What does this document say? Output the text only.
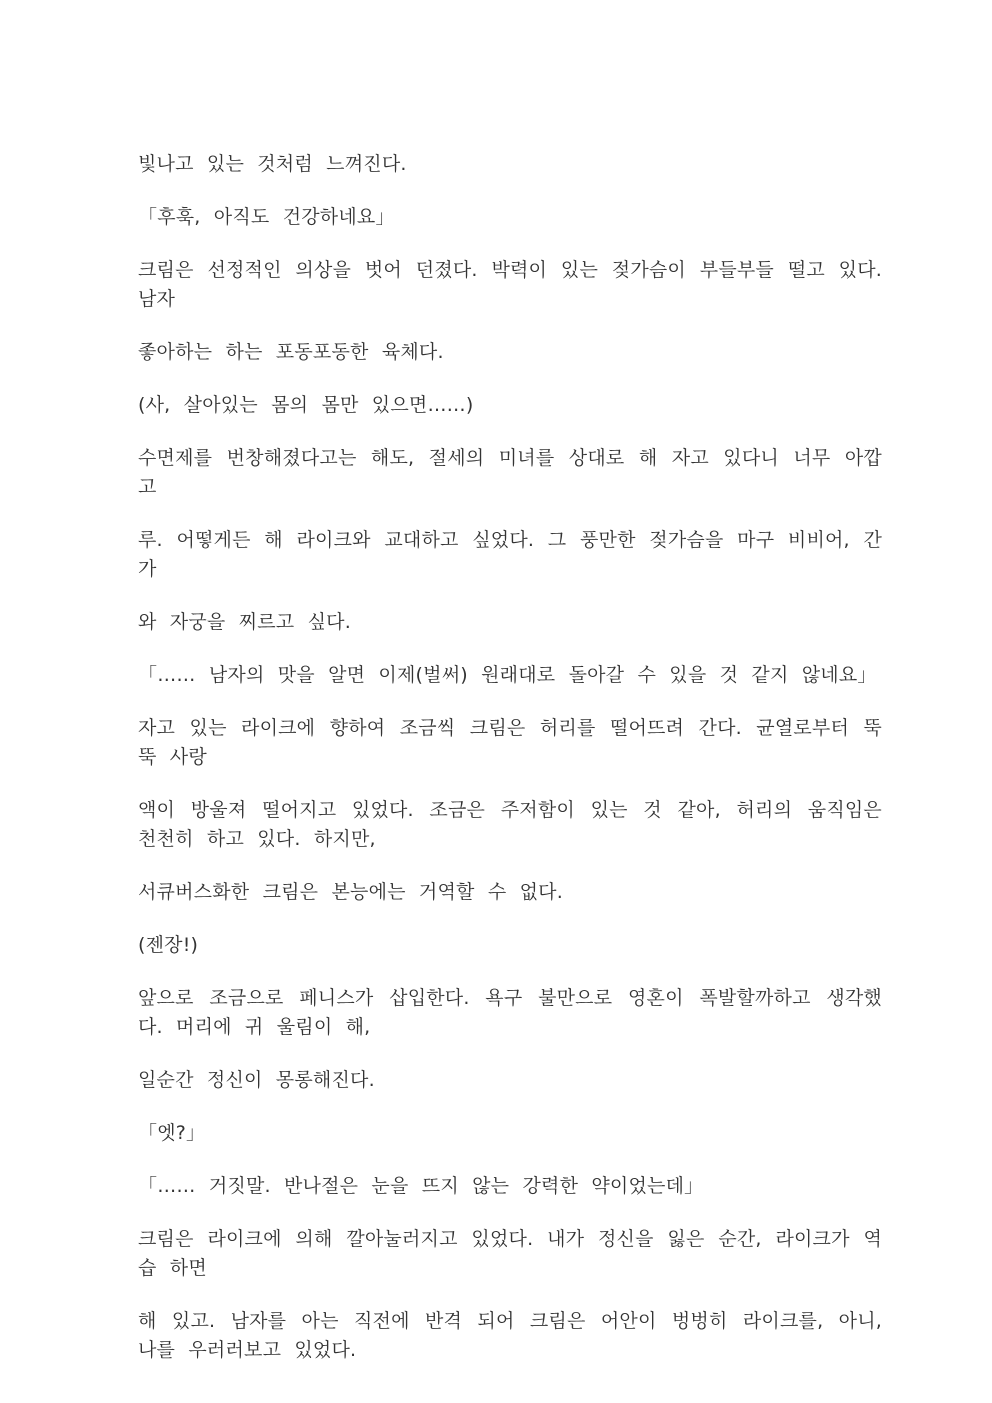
빛나고 있는 것처럼 느껴진다.

「후훅, 아직도 건강하네요」

크림은 선정적인 의상을 벗어 던졌다. 박력이 있는 젖가슴이 부들부들 떨고 있다. 남자

좋아하는 하는 포동포동한 육체다.

(사, 살아있는 몸의 몸만 있으면……)

수면제를 번창해졌다고는 해도, 절세의 미녀를 상대로 해 자고 있다니 너무 아깝고

루. 어떻게든 해 라이크와 교대하고 싶었다. 그 풍만한 젖가슴을 마구 비비어, 간가

와 자궁을 찌르고 싶다.

「…… 남자의 맛을 알면 이제(벌써) 원래대로 돌아갈 수 있을 것 같지 않네요」

자고 있는 라이크에 향하여 조금씩 크림은 허리를 떨어뜨려 간다. 균열로부터 뚝뚝 사랑

액이 방울져 떨어지고 있었다. 조금은 주저함이 있는 것 같아, 허리의 움직임은 천천히 하고 있다. 하지만,

서큐버스화한 크림은 본능에는 거역할 수 없다.

(젠장!)

앞으로 조금으로 페니스가 삽입한다. 욕구 불만으로 영혼이 폭발할까하고 생각했다. 머리에 귀 울림이 해,

일순간 정신이 몽롱해진다.

「엣?」

「…… 거짓말. 반나절은 눈을 뜨지 않는 강력한 약이었는데」

크림은 라이크에 의해 깔아눌러지고 있었다. 내가 정신을 잃은 순간, 라이크가 역습 하면

해 있고. 남자를 아는 직전에 반격 되어 크림은 어안이 벙벙히 라이크를, 아니, 나를 우러러보고 있었다.
